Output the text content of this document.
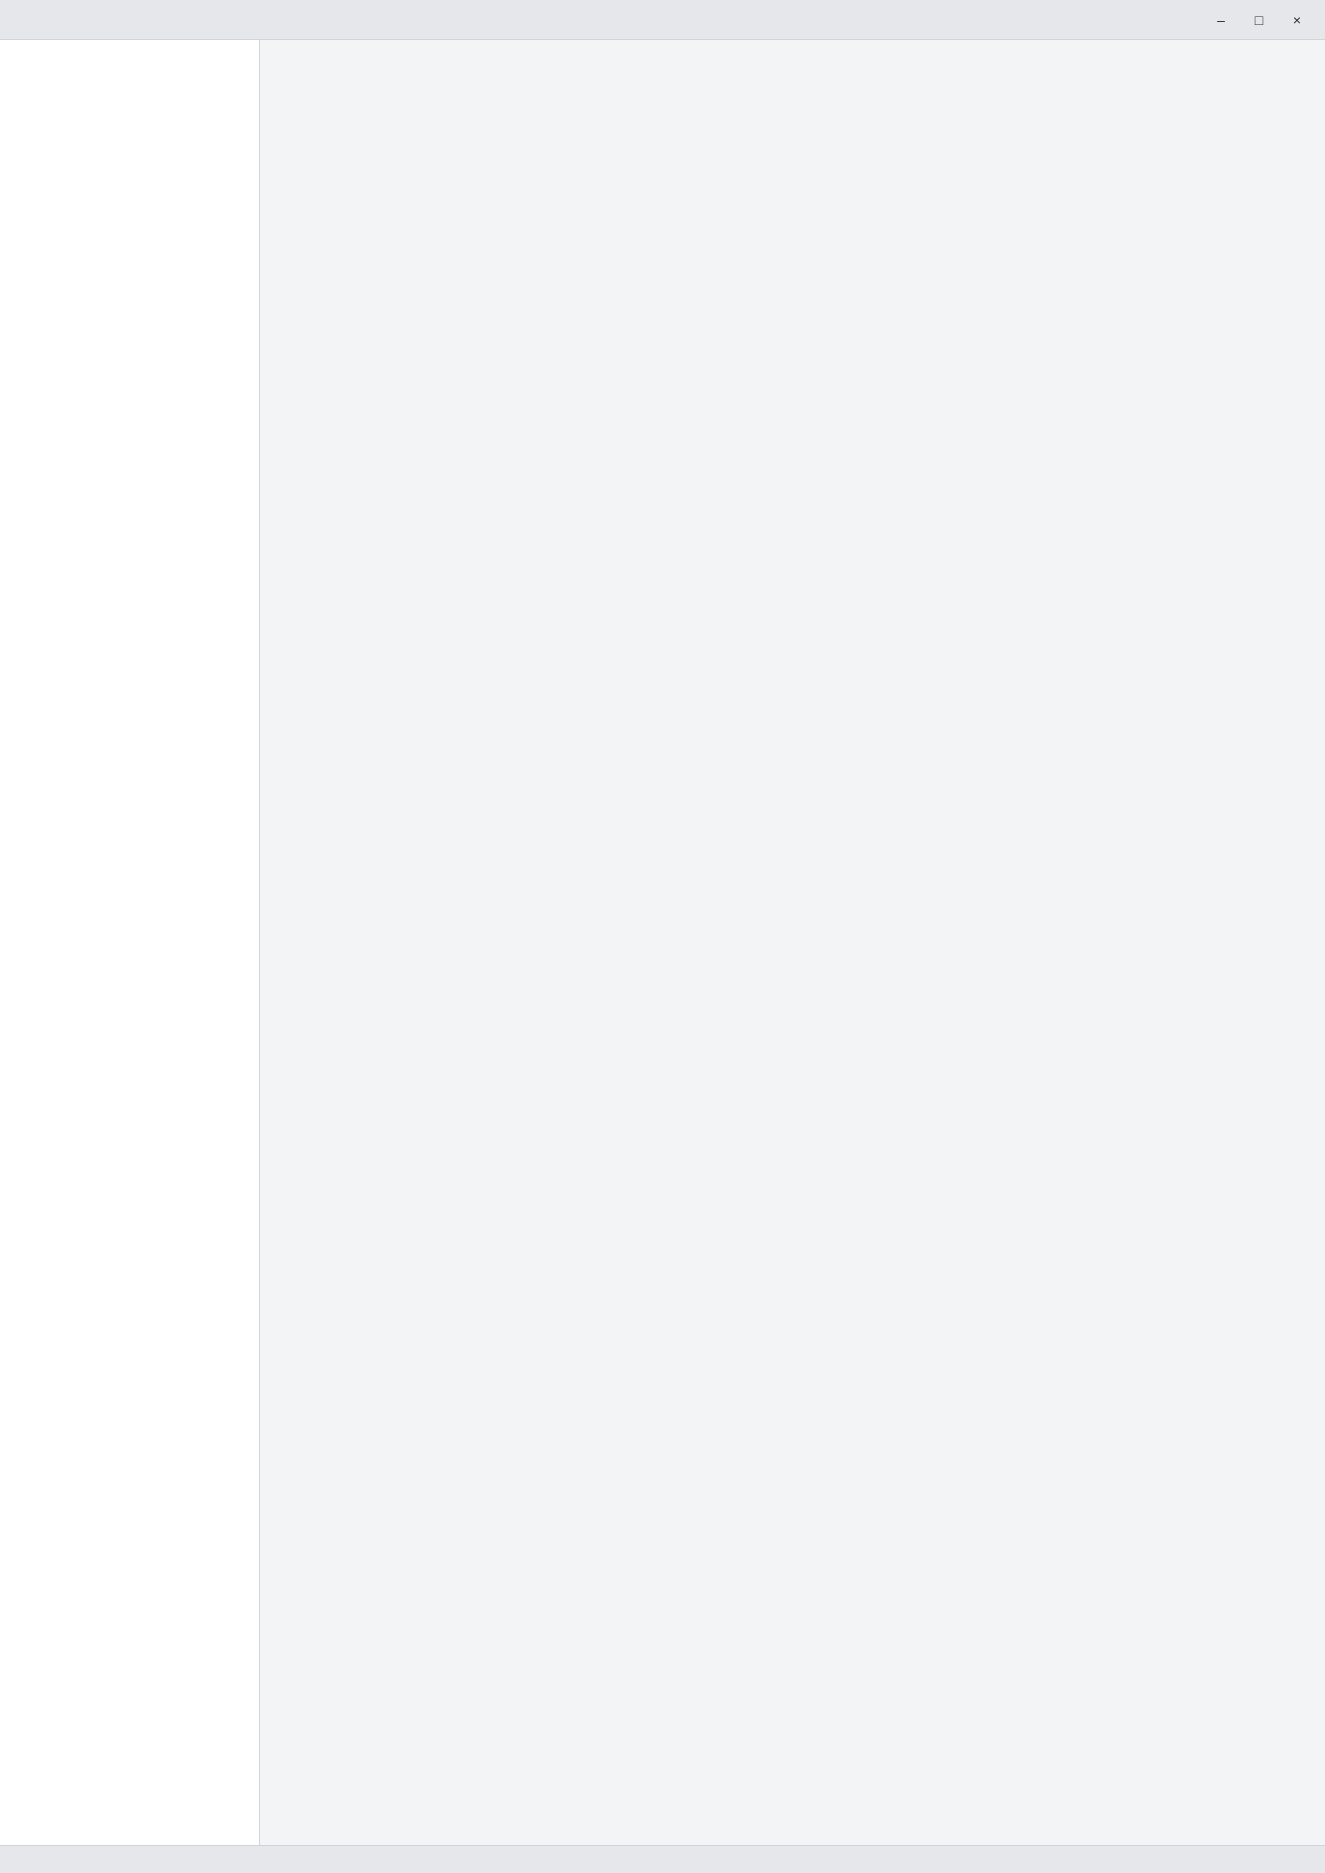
–	□	×
